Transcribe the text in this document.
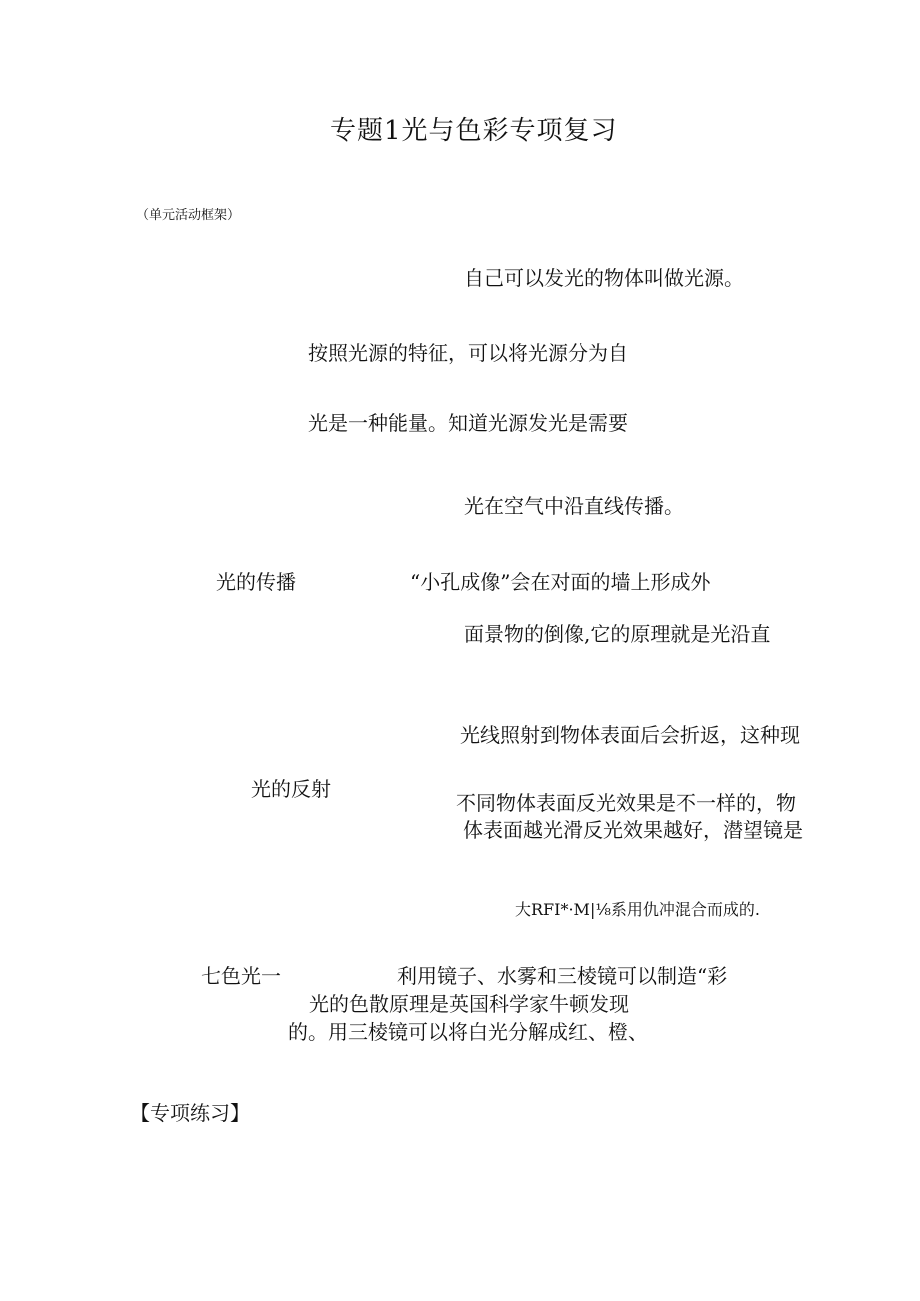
专题1光与色彩专项复习
（单元活动框架）
自己可以发光的物体叫做光源。
按照光源的特征，可以将光源分为自
光是一种能量。知道光源发光是需要
光在空气中沿直线传播。
光的传播	“小孔成像”会在对面的墙上形成外
面景物的倒像,它的原理就是光沿直
光线照射到物体表面后会折返，这种现
光的反射
不同物体表面反光效果是不一样的，物
体表面越光滑反光效果越好，潜望镜是
大RFI*·M|⅛系用仇冲混合而成的.
七色光一	利用镜子、水雾和三棱镜可以制造“彩
光的色散原理是英国科学家牛顿发现
的。用三棱镜可以将白光分解成红、橙、
【专项练习】
